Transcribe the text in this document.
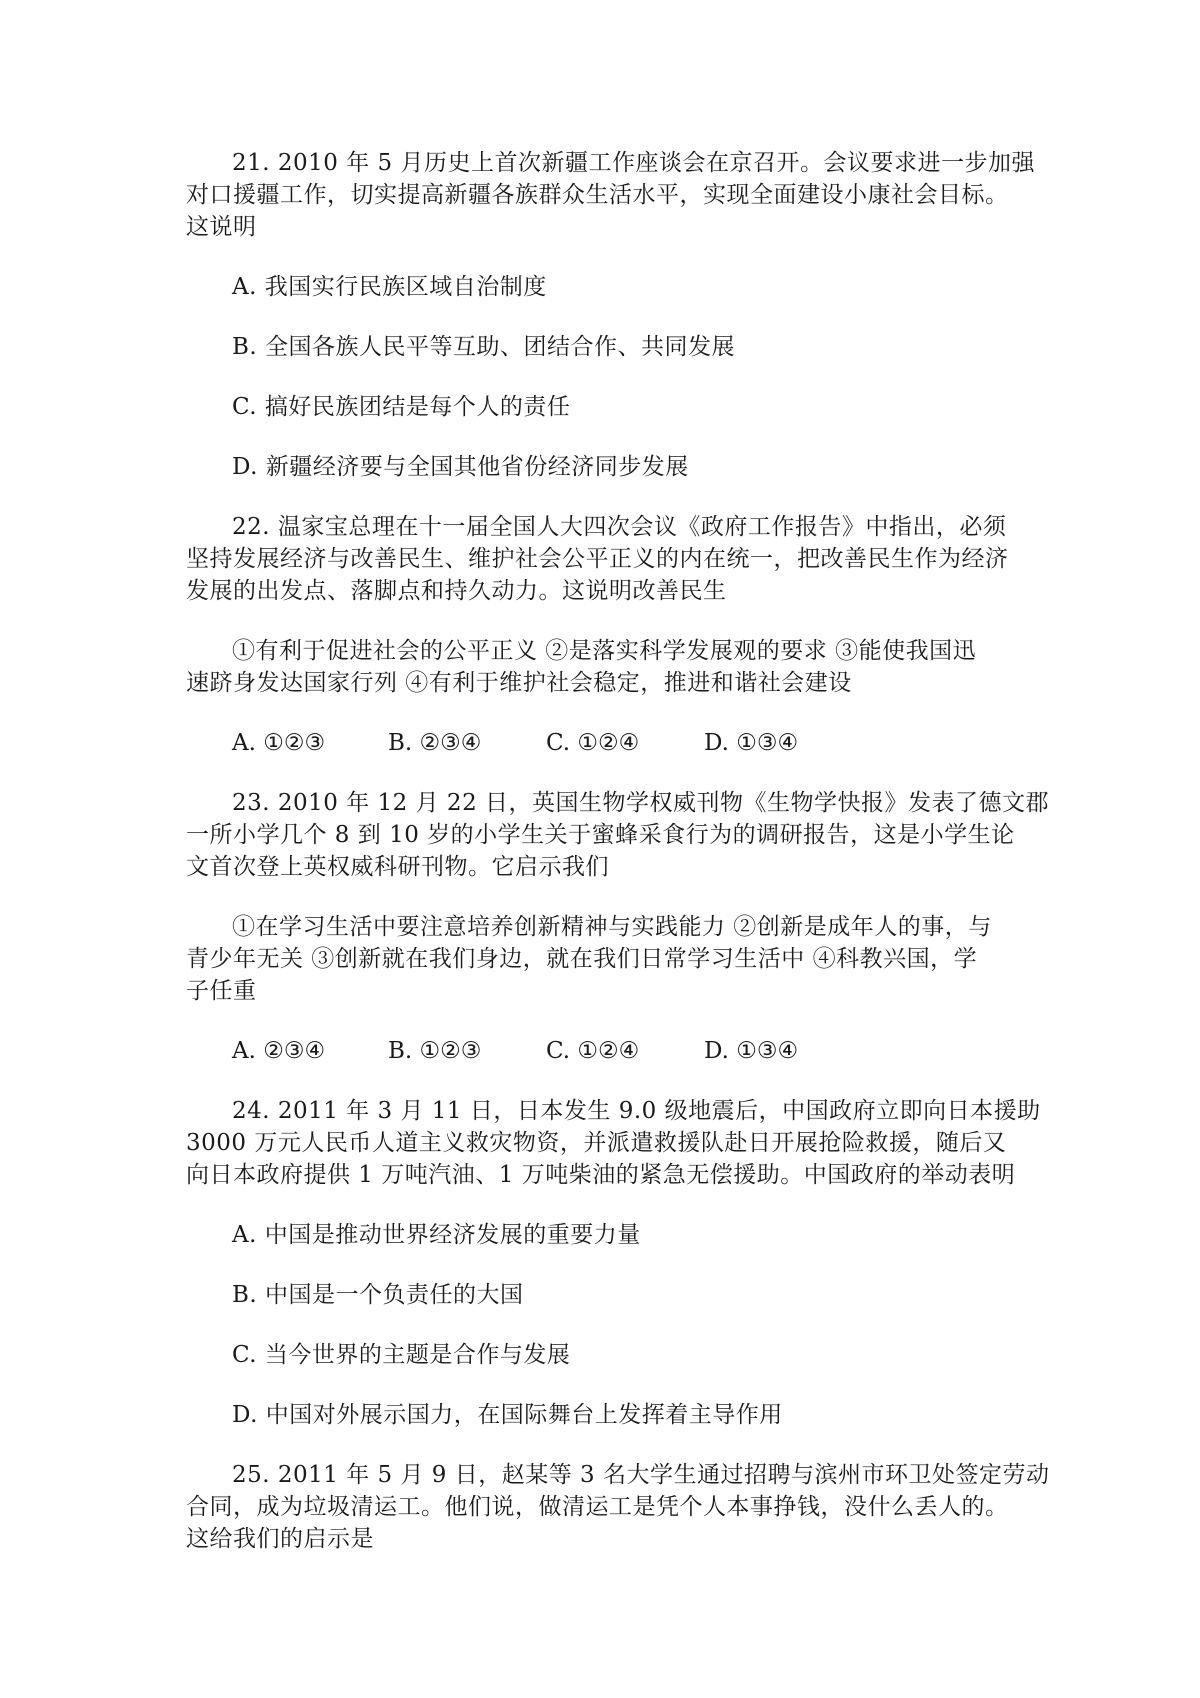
21. 2010 年 5 月历史上首次新疆工作座谈会在京召开。会议要求进一步加强
对口援疆工作，切实提高新疆各族群众生活水平，实现全面建设小康社会目标。
这说明
A. 我国实行民族区域自治制度
B. 全国各族人民平等互助、团结合作、共同发展
C. 搞好民族团结是每个人的责任
D. 新疆经济要与全国其他省份经济同步发展
22. 温家宝总理在十一届全国人大四次会议《政府工作报告》中指出，必须
坚持发展经济与改善民生、维护社会公平正义的内在统一，把改善民生作为经济
发展的出发点、落脚点和持久动力。这说明改善民生
①有利于促进社会的公平正义 ②是落实科学发展观的要求 ③能使我国迅
速跻身发达国家行列 ④有利于维护社会稳定，推进和谐社会建设
A. ①②③	B. ②③④	C. ①②④	D. ①③④
23. 2010 年 12 月 22 日，英国生物学权威刊物《生物学快报》发表了德文郡
一所小学几个 8 到 10 岁的小学生关于蜜蜂采食行为的调研报告，这是小学生论
文首次登上英权威科研刊物。它启示我们
①在学习生活中要注意培养创新精神与实践能力 ②创新是成年人的事，与
青少年无关 ③创新就在我们身边，就在我们日常学习生活中 ④科教兴国，学
子任重
A. ②③④	B. ①②③	C. ①②④	D. ①③④
24. 2011 年 3 月 11 日，日本发生 9.0 级地震后，中国政府立即向日本援助
3000 万元人民币人道主义救灾物资，并派遣救援队赴日开展抢险救援，随后又
向日本政府提供 1 万吨汽油、1 万吨柴油的紧急无偿援助。中国政府的举动表明
A. 中国是推动世界经济发展的重要力量
B. 中国是一个负责任的大国
C. 当今世界的主题是合作与发展
D. 中国对外展示国力，在国际舞台上发挥着主导作用
25. 2011 年 5 月 9 日，赵某等 3 名大学生通过招聘与滨州市环卫处签定劳动
合同，成为垃圾清运工。他们说，做清运工是凭个人本事挣钱，没什么丢人的。
这给我们的启示是
